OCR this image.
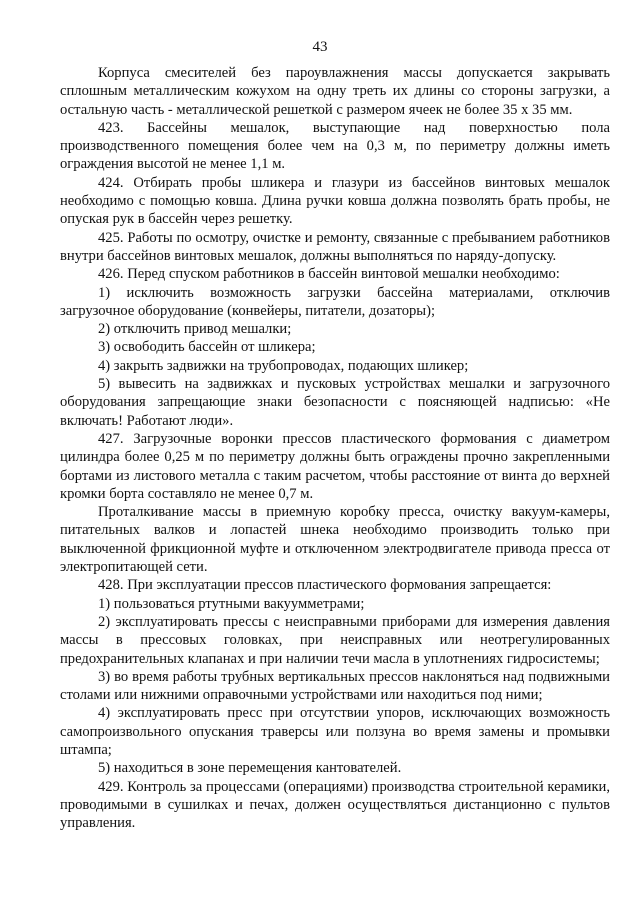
43

Корпуса смесителей без пароувлажнения массы допускается закрывать сплошным металлическим кожухом на одну треть их длины со стороны загрузки, а остальную часть - металлической решеткой с размером ячеек не более 35 х 35 мм.

423. Бассейны мешалок, выступающие над поверхностью пола производственного помещения более чем на 0,3 м, по периметру должны иметь ограждения высотой не менее 1,1 м.

424. Отбирать пробы шликера и глазури из бассейнов винтовых мешалок необходимо с помощью ковша. Длина ручки ковша должна позволять брать пробы, не опуская рук в бассейн через решетку.

425. Работы по осмотру, очистке и ремонту, связанные с пребыванием работников внутри бассейнов винтовых мешалок, должны выполняться по наряду-допуску.

426. Перед спуском работников в бассейн винтовой мешалки необходимо:

1) исключить возможность загрузки бассейна материалами, отключив загрузочное оборудование (конвейеры, питатели, дозаторы);

2) отключить привод мешалки;

3) освободить бассейн от шликера;

4) закрыть задвижки на трубопроводах, подающих шликер;

5) вывесить на задвижках и пусковых устройствах мешалки и загрузочного оборудования запрещающие знаки безопасности с поясняющей надписью: «Не включать! Работают люди».

427. Загрузочные воронки прессов пластического формования с диаметром цилиндра более 0,25 м по периметру должны быть ограждены прочно закрепленными бортами из листового металла с таким расчетом, чтобы расстояние от винта до верхней кромки борта составляло не менее 0,7 м.

Проталкивание массы в приемную коробку пресса, очистку вакуум-камеры, питательных валков и лопастей шнека необходимо производить только при выключенной фрикционной муфте и отключенном электродвигателе привода пресса от электропитающей сети.

428. При эксплуатации прессов пластического формования запрещается:

1) пользоваться ртутными вакуумметрами;

2) эксплуатировать прессы с неисправными приборами для измерения давления массы в прессовых головках, при неисправных или неотрегулированных предохранительных клапанах и при наличии течи масла в уплотнениях гидросистемы;

3) во время работы трубных вертикальных прессов наклоняться над подвижными столами или нижними оправочными устройствами или находиться под ними;

4) эксплуатировать пресс при отсутствии упоров, исключающих возможность самопроизвольного опускания траверсы или ползуна во время замены и промывки штампа;

5) находиться в зоне перемещения кантователей.

429. Контроль за процессами (операциями) производства строительной керамики, проводимыми в сушилках и печах, должен осуществляться дистанционно с пультов управления.
